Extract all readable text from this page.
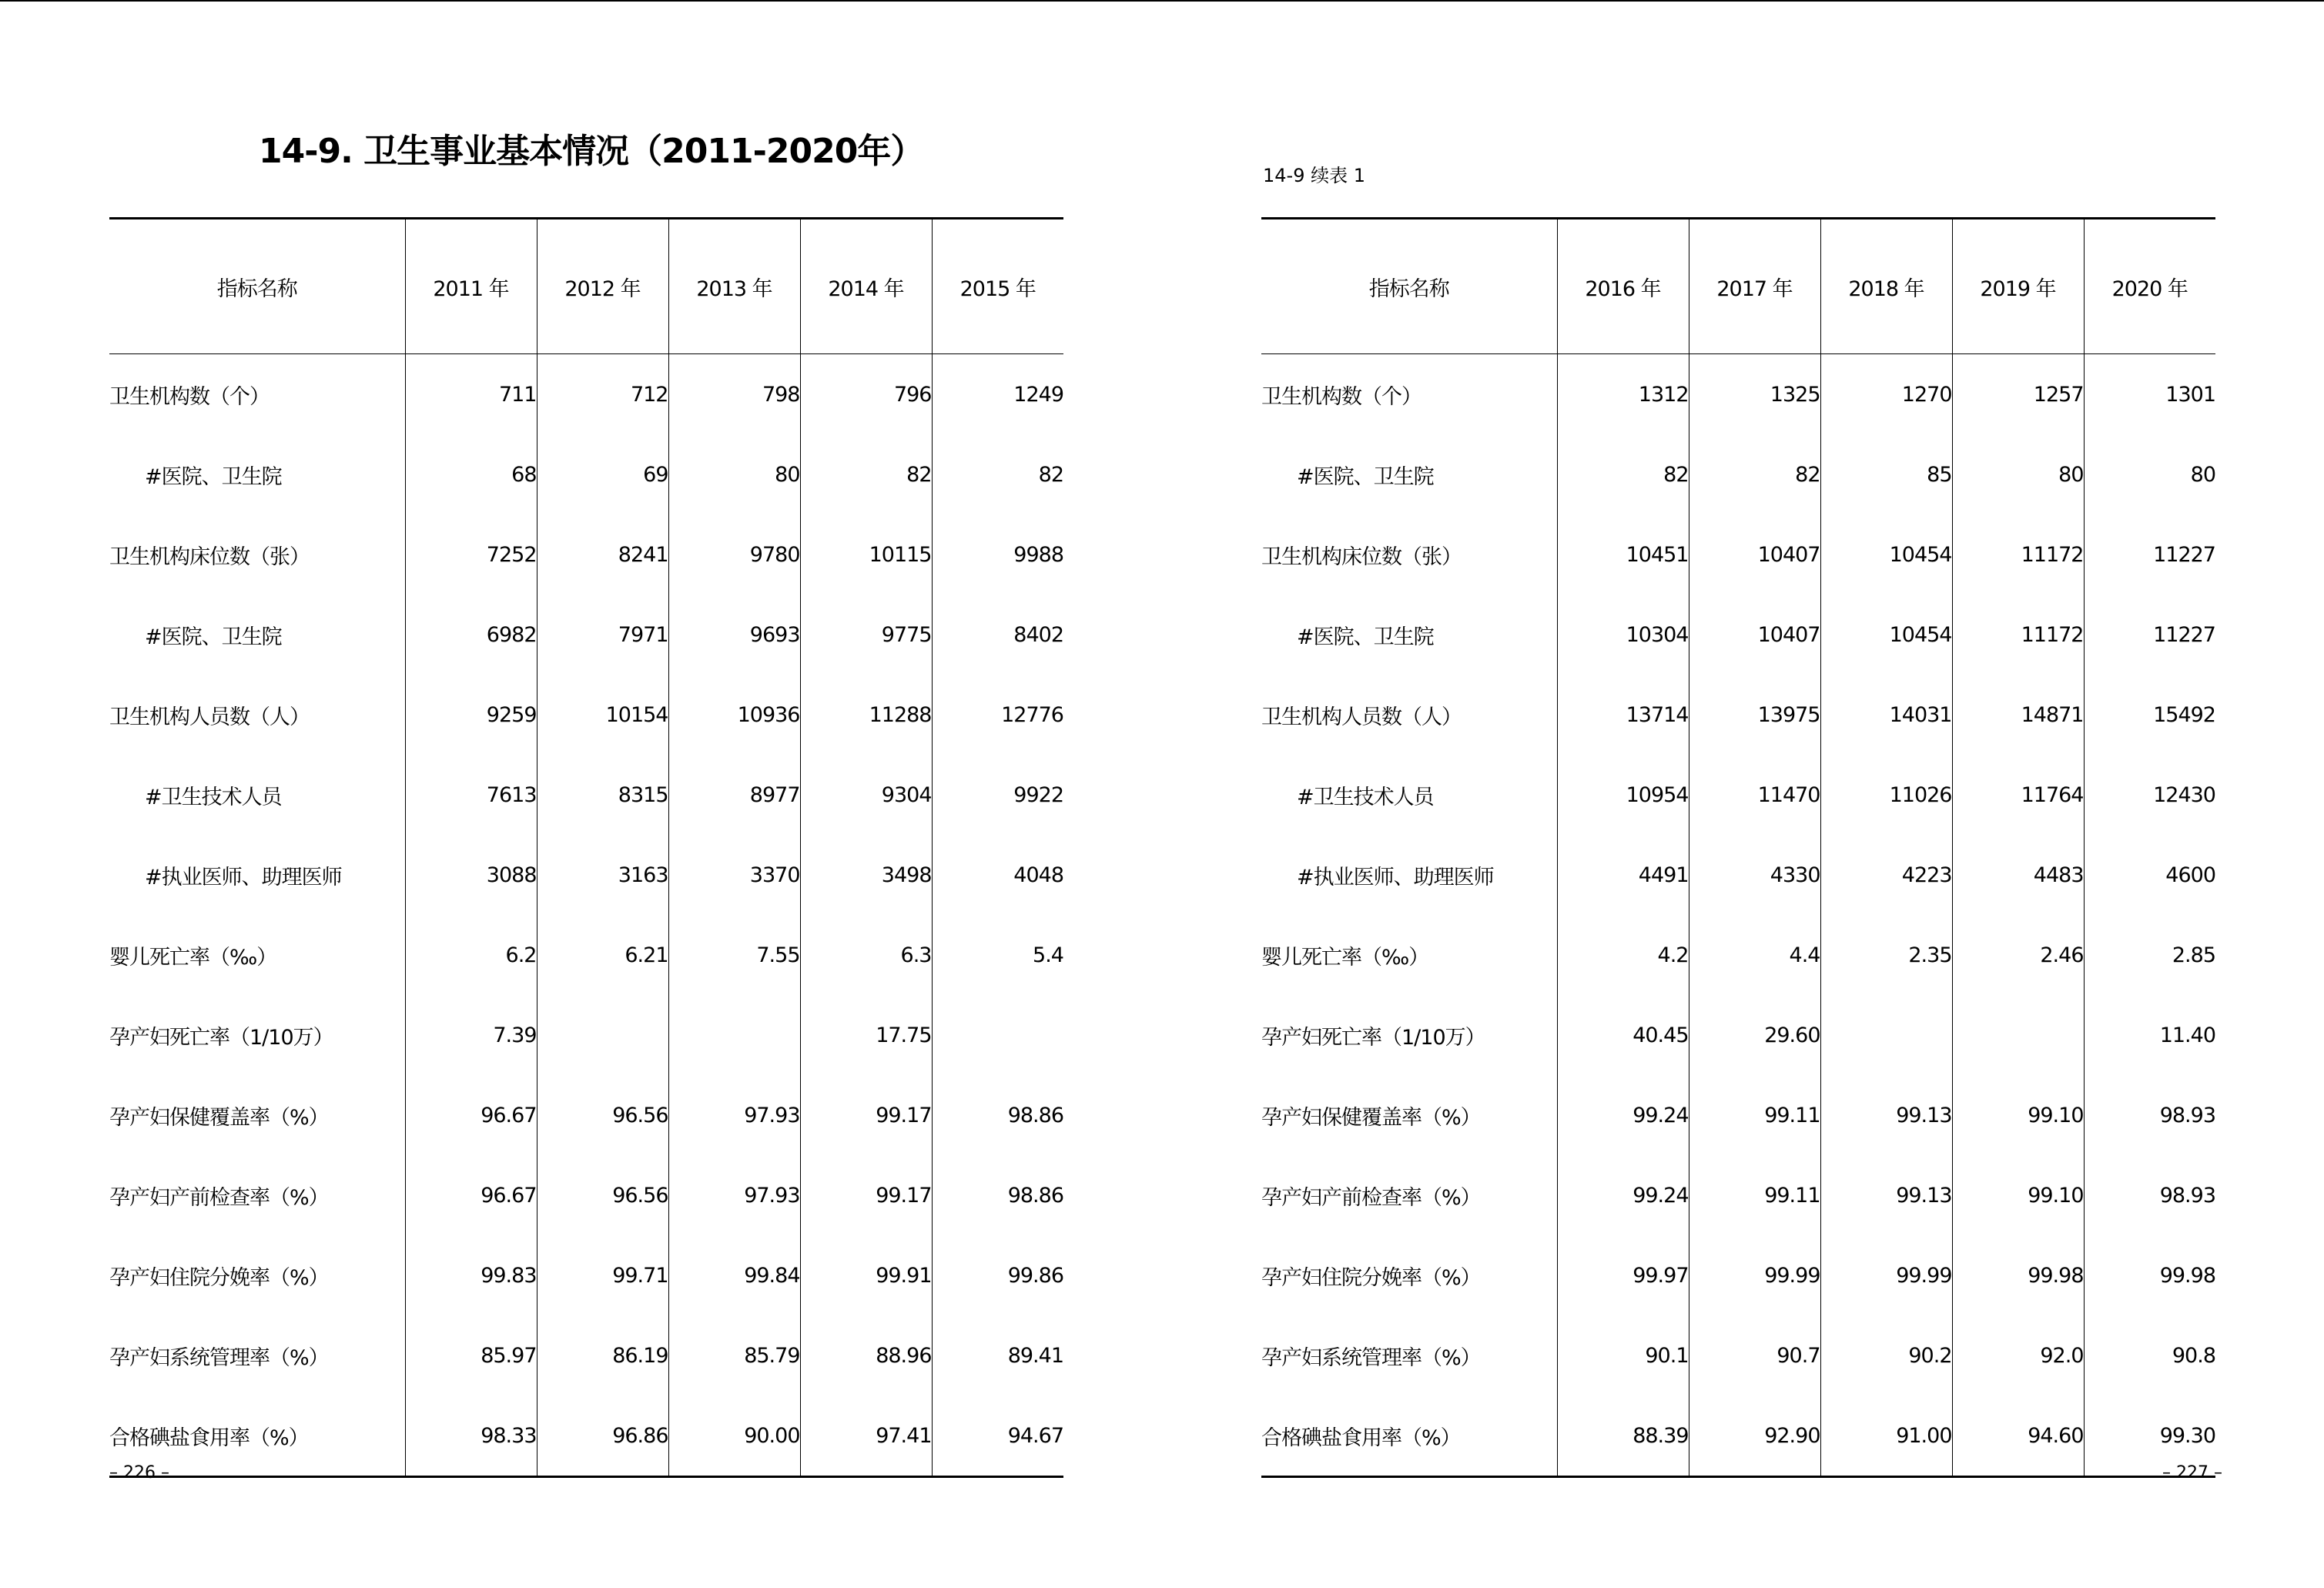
14-9. 卫生事业基本情况（2011-2020年）
14-9 续表 1
指标名称	2011 年	2012 年	2013 年	2014 年	2015 年
卫生机构数（个）	711	712	798	796	1249
#医院、卫生院	68	69	80	82	82
卫生机构床位数（张）	7252	8241	9780	10115	9988
#医院、卫生院	6982	7971	9693	9775	8402
卫生机构人员数（人）	9259	10154	10936	11288	12776
#卫生技术人员	7613	8315	8977	9304	9922
#执业医师、助理医师	3088	3163	3370	3498	4048
婴儿死亡率（‰）	6.2	6.21	7.55	6.3	5.4
孕产妇死亡率（1/10万）	7.39			17.75	
孕产妇保健覆盖率（%）	96.67	96.56	97.93	99.17	98.86
孕产妇产前检查率（%）	96.67	96.56	97.93	99.17	98.86
孕产妇住院分娩率（%）	99.83	99.71	99.84	99.91	99.86
孕产妇系统管理率（%）	85.97	86.19	85.79	88.96	89.41
合格碘盐食用率（%）	98.33	96.86	90.00	97.41	94.67
指标名称	2016 年	2017 年	2018 年	2019 年	2020 年
卫生机构数（个）	1312	1325	1270	1257	1301
#医院、卫生院	82	82	85	80	80
卫生机构床位数（张）	10451	10407	10454	11172	11227
#医院、卫生院	10304	10407	10454	11172	11227
卫生机构人员数（人）	13714	13975	14031	14871	15492
#卫生技术人员	10954	11470	11026	11764	12430
#执业医师、助理医师	4491	4330	4223	4483	4600
婴儿死亡率（‰）	4.2	4.4	2.35	2.46	2.85
孕产妇死亡率（1/10万）	40.45	29.60			11.40
孕产妇保健覆盖率（%）	99.24	99.11	99.13	99.10	98.93
孕产妇产前检查率（%）	99.24	99.11	99.13	99.10	98.93
孕产妇住院分娩率（%）	99.97	99.99	99.99	99.98	99.98
孕产妇系统管理率（%）	90.1	90.7	90.2	92.0	90.8
合格碘盐食用率（%）	88.39	92.90	91.00	94.60	99.30
– 226 –	– 227 –
